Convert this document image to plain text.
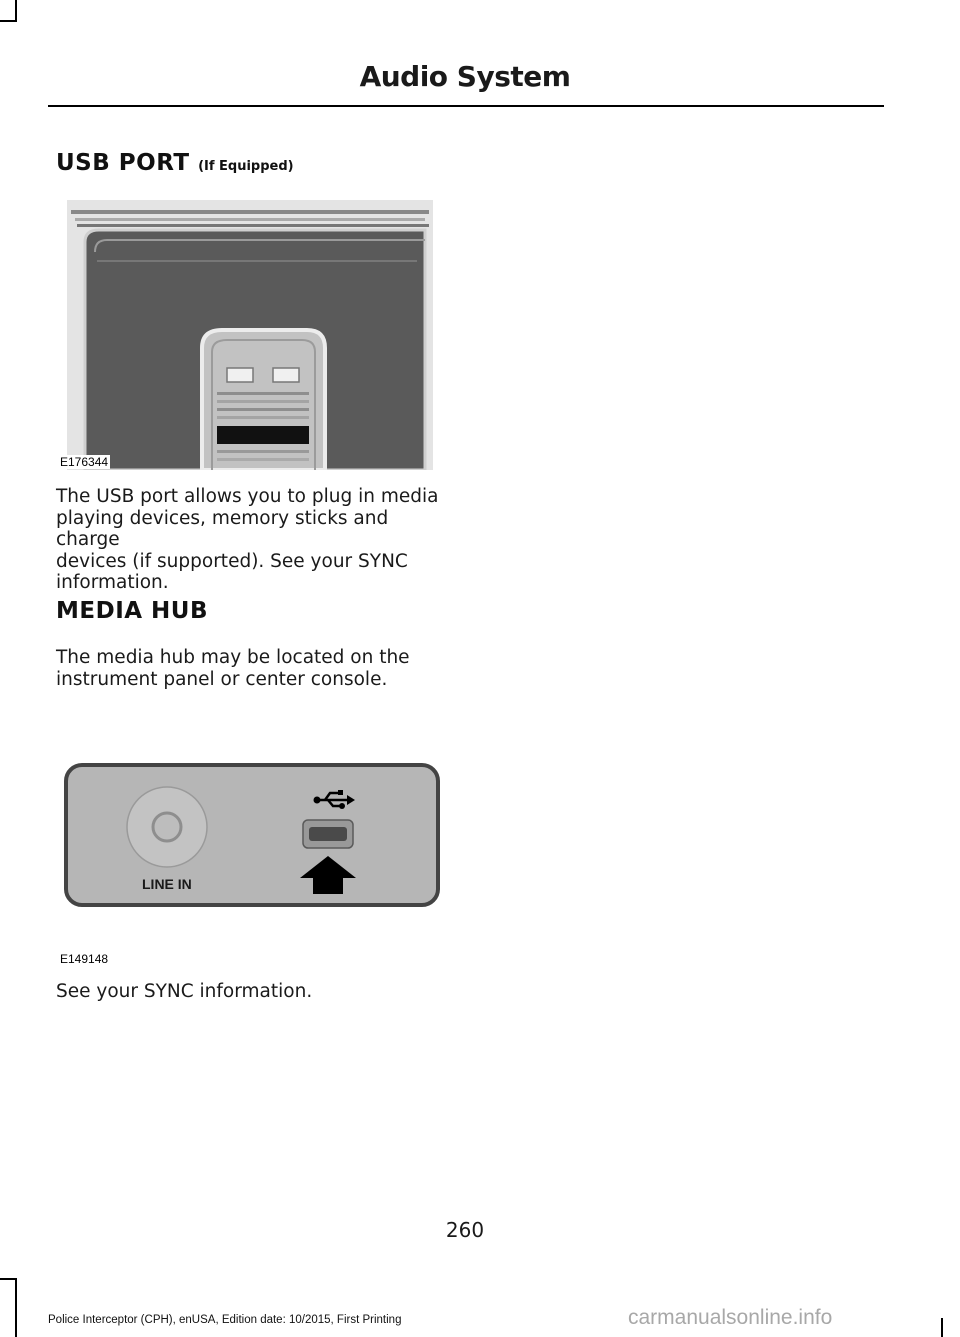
Audio System
USB PORT (If Equipped)
E176344
The USB port allows you to plug in media
playing devices, memory sticks and charge
devices (if supported). See your SYNC
information.
MEDIA HUB
The media hub may be located on the
instrument panel or center console.
LINE IN
E149148
See your SYNC information.
260
Police Interceptor (CPH), enUSA, Edition date: 10/2015, First Printing	carmanualsonline.info
